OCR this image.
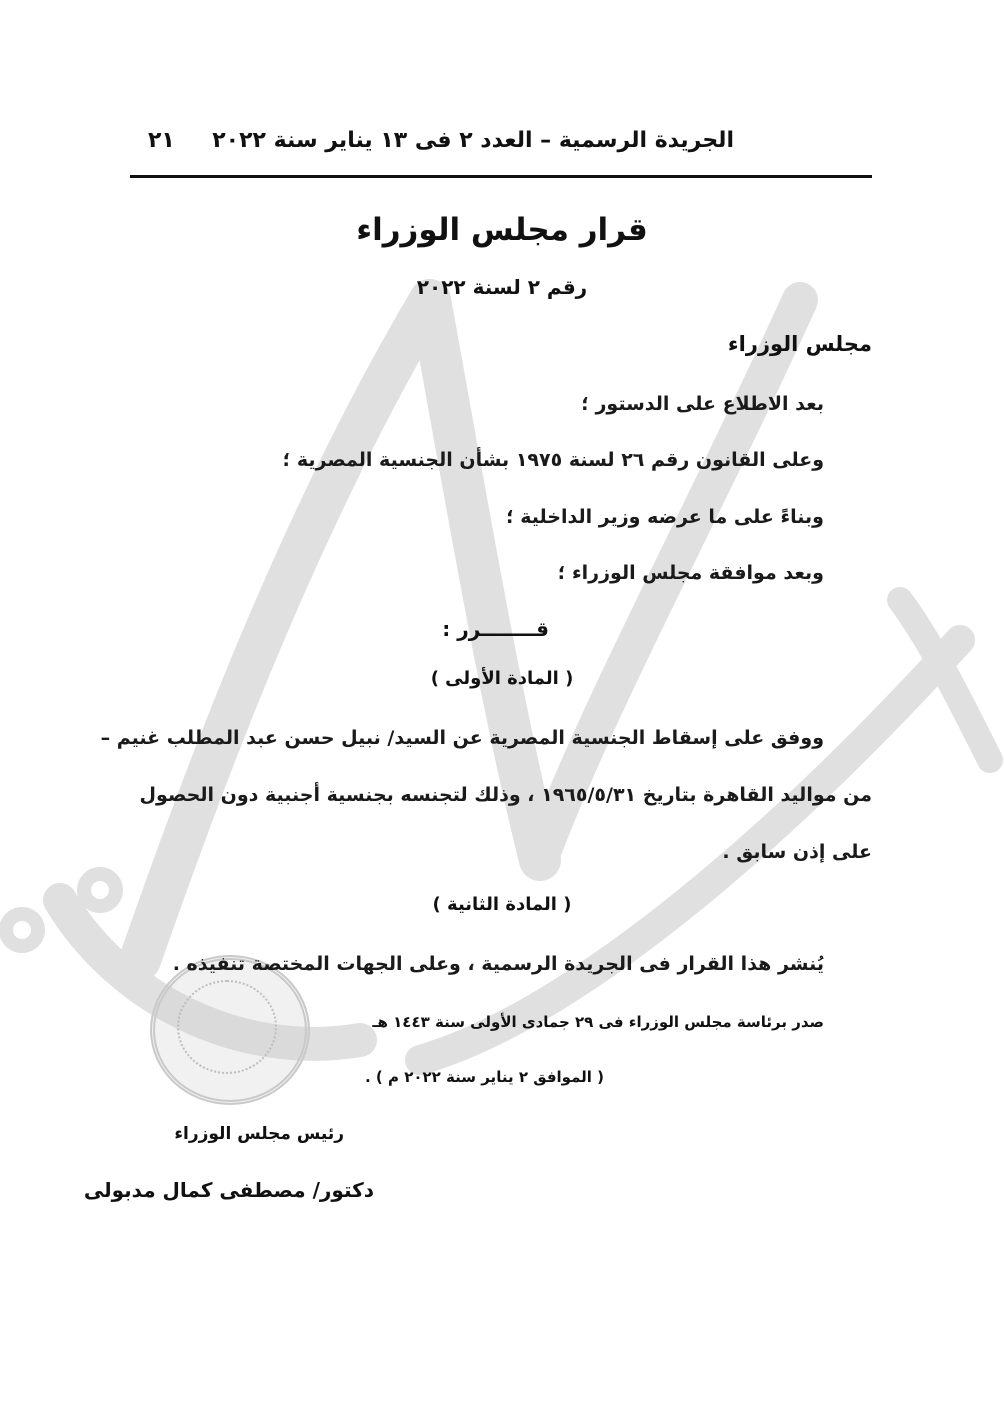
الجريدة الرسمية – العدد ٢ فى ١٣ يناير سنة ٢٠٢٢
٢١
قرار مجلس الوزراء
رقم ٢ لسنة ٢٠٢٢
مجلس الوزراء
بعد الاطلاع على الدستور ؛
وعلى القانون رقم ٢٦ لسنة ١٩٧٥ بشأن الجنسية المصرية ؛
وبناءً على ما عرضه وزير الداخلية ؛
وبعد موافقة مجلس الوزراء ؛
قــــــــرر :
( المادة الأولى )
ووفق على إسقاط الجنسية المصرية عن السيد/ نبيل حسن عبد المطلب غنيم –
من مواليد القاهرة بتاريخ ١٩٦٥/٥/٣١ ، وذلك لتجنسه بجنسية أجنبية دون الحصول
على إذن سابق .
( المادة الثانية )
يُنشر هذا القرار فى الجريدة الرسمية ، وعلى الجهات المختصة تنفيذه .
صدر برئاسة مجلس الوزراء فى ٢٩ جمادى الأولى سنة ١٤٤٣ هـ
( الموافق ٢ يناير سنة ٢٠٢٢ م ) .
رئيس مجلس الوزراء
دكتور/ مصطفى كمال مدبولى
